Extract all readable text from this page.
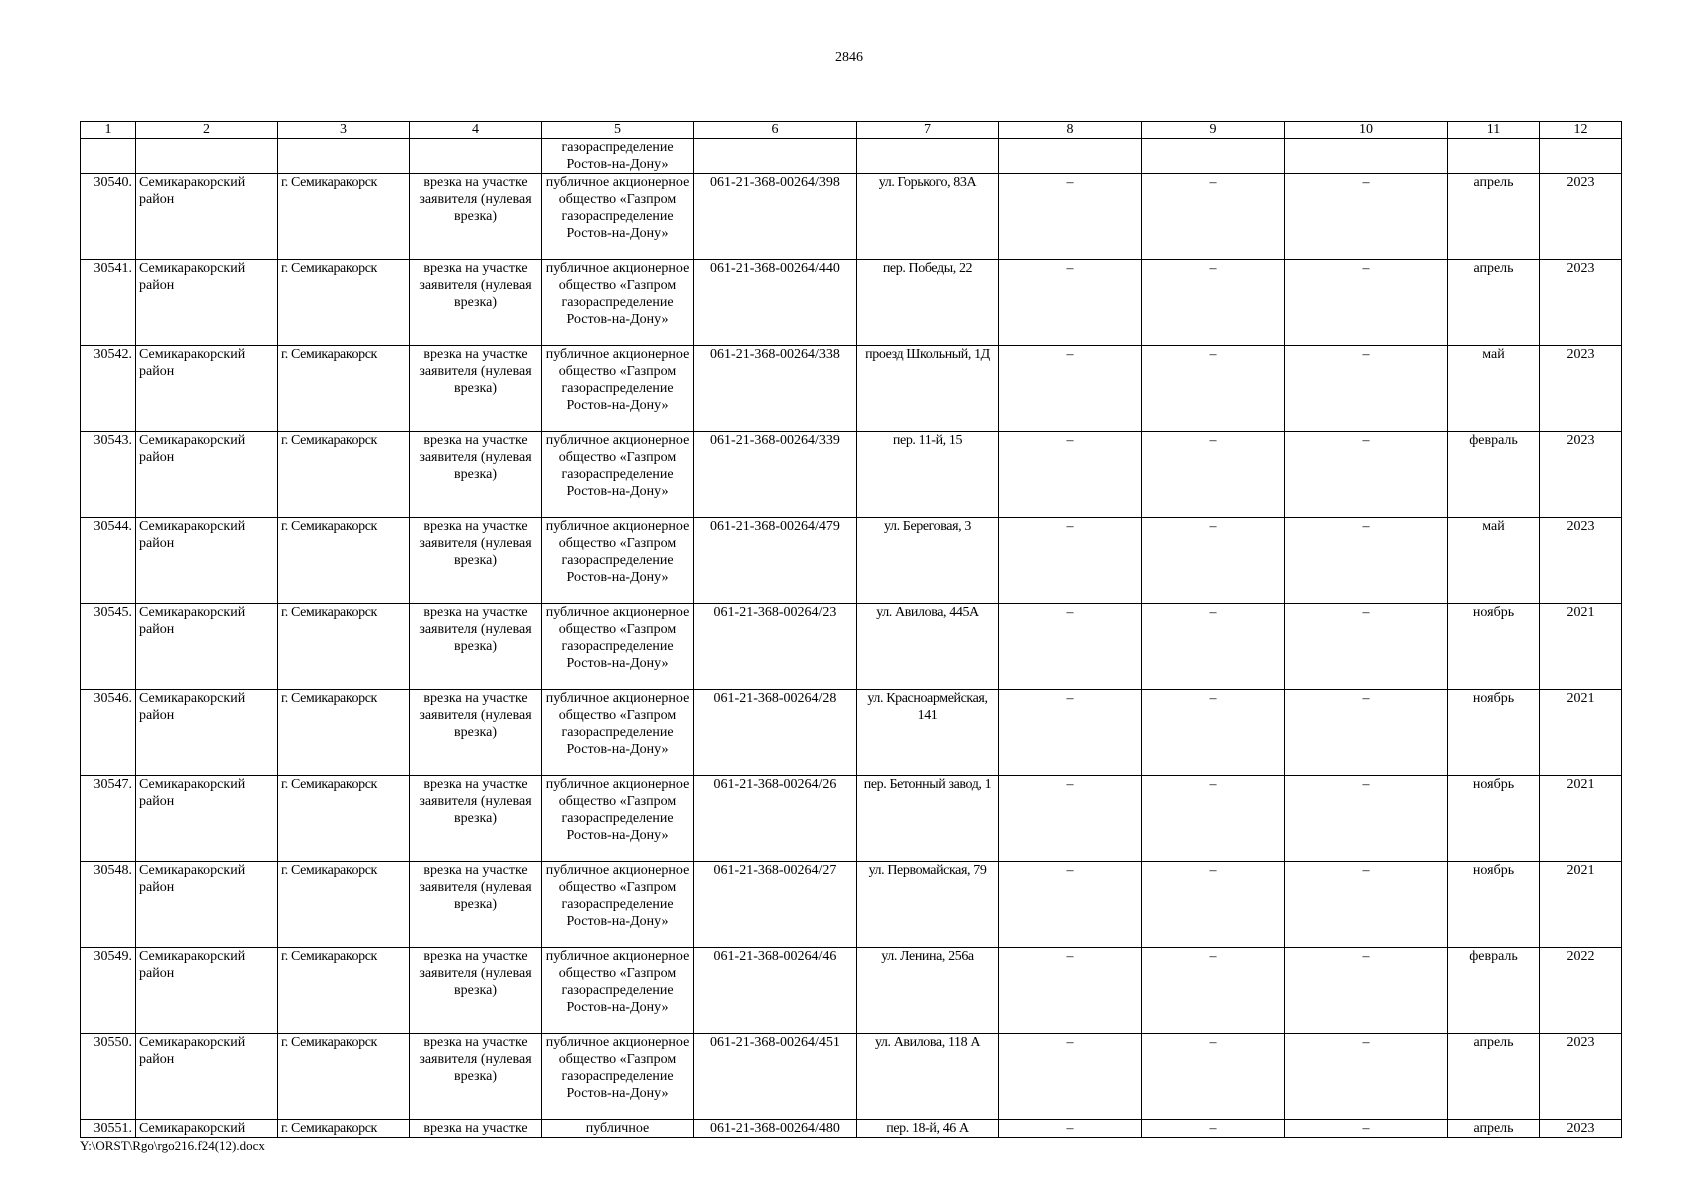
2846
1	2	3	4	5	6	7	8	9	10	11	12
				газораспределение Ростов-на-Дону»							
30540.	Семикаракорский район	г. Семикаракорск	врезка на участке заявителя (нулевая врезка)	публичное акционерное общество «Газпром газораспределение Ростов-на-Дону»	061-21-368-00264/398	ул. Горького, 83А	–	–	–	апрель	2023
30541.	Семикаракорский район	г. Семикаракорск	врезка на участке заявителя (нулевая врезка)	публичное акционерное общество «Газпром газораспределение Ростов-на-Дону»	061-21-368-00264/440	пер. Победы, 22	–	–	–	апрель	2023
30542.	Семикаракорский район	г. Семикаракорск	врезка на участке заявителя (нулевая врезка)	публичное акционерное общество «Газпром газораспределение Ростов-на-Дону»	061-21-368-00264/338	проезд Школьный, 1Д	–	–	–	май	2023
30543.	Семикаракорский район	г. Семикаракорск	врезка на участке заявителя (нулевая врезка)	публичное акционерное общество «Газпром газораспределение Ростов-на-Дону»	061-21-368-00264/339	пер. 11-й, 15	–	–	–	февраль	2023
30544.	Семикаракорский район	г. Семикаракорск	врезка на участке заявителя (нулевая врезка)	публичное акционерное общество «Газпром газораспределение Ростов-на-Дону»	061-21-368-00264/479	ул. Береговая, 3	–	–	–	май	2023
30545.	Семикаракорский район	г. Семикаракорск	врезка на участке заявителя (нулевая врезка)	публичное акционерное общество «Газпром газораспределение Ростов-на-Дону»	061-21-368-00264/23	ул. Авилова, 445А	–	–	–	ноябрь	2021
30546.	Семикаракорский район	г. Семикаракорск	врезка на участке заявителя (нулевая врезка)	публичное акционерное общество «Газпром газораспределение Ростов-на-Дону»	061-21-368-00264/28	ул. Красноармейская, 141	–	–	–	ноябрь	2021
30547.	Семикаракорский район	г. Семикаракорск	врезка на участке заявителя (нулевая врезка)	публичное акционерное общество «Газпром газораспределение Ростов-на-Дону»	061-21-368-00264/26	пер. Бетонный завод, 1	–	–	–	ноябрь	2021
30548.	Семикаракорский район	г. Семикаракорск	врезка на участке заявителя (нулевая врезка)	публичное акционерное общество «Газпром газораспределение Ростов-на-Дону»	061-21-368-00264/27	ул. Первомайская, 79	–	–	–	ноябрь	2021
30549.	Семикаракорский район	г. Семикаракорск	врезка на участке заявителя (нулевая врезка)	публичное акционерное общество «Газпром газораспределение Ростов-на-Дону»	061-21-368-00264/46	ул. Ленина, 256а	–	–	–	февраль	2022
30550.	Семикаракорский район	г. Семикаракорск	врезка на участке заявителя (нулевая врезка)	публичное акционерное общество «Газпром газораспределение Ростов-на-Дону»	061-21-368-00264/451	ул. Авилова, 118 А	–	–	–	апрель	2023
30551.	Семикаракорский	г. Семикаракорск	врезка на участке	публичное	061-21-368-00264/480	пер. 18-й, 46 А	–	–	–	апрель	2023
Y:\ORST\Rgo\rgo216.f24(12).docx
